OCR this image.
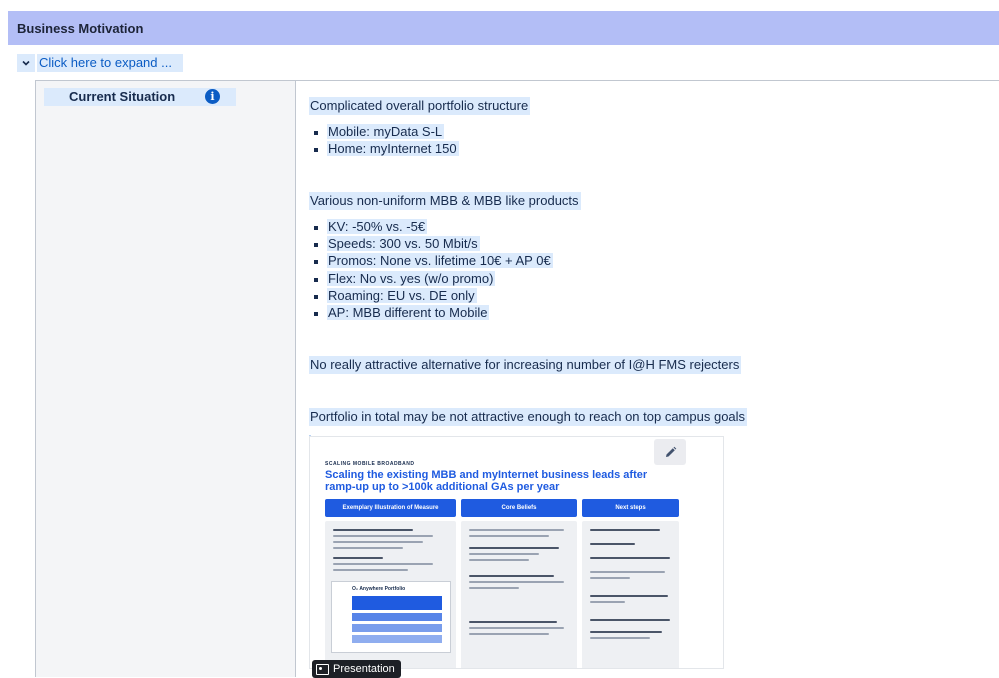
Business Motivation
Click here to expand ...
Current Situation	i
Complicated overall portfolio structure
Mobile: myData S-L
Home: myInternet 150
Various non-uniform MBB & MBB like products
KV: -50% vs. -5€
Speeds: 300 vs. 50 Mbit/s
Promos: None vs. lifetime 10€ + AP 0€
Flex: No vs. yes (w/o promo)
Roaming: EU vs. DE only
AP: MBB different to Mobile
No really attractive alternative for increasing number of I@H FMS rejecters
Portfolio in total may be not attractive enough to reach on top campus goals
SCALING MOBILE BROADBAND
Scaling the existing MBB and myInternet business leads after ramp-up up to >100k additional GAs per year
Exemplary Illustration of Measure	Core Beliefs	Next steps
O₂ Anywhere Portfolio
Presentation
